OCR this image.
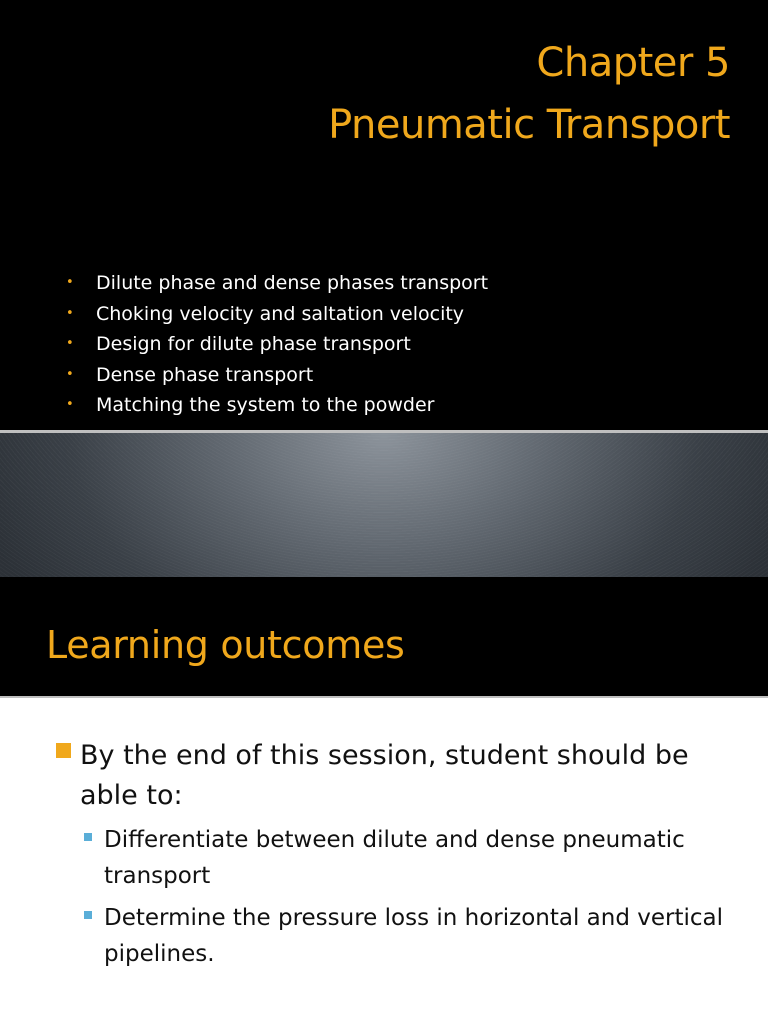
Chapter 5
Pneumatic Transport
• Dilute phase and dense phases transport
• Choking velocity and saltation velocity
• Design for dilute phase transport
• Dense phase transport
• Matching the system to the powder
Learning outcomes
By the end of this session, student should be able to:
Differentiate between dilute and dense pneumatic transport
Determine the pressure loss in horizontal and vertical pipelines.
